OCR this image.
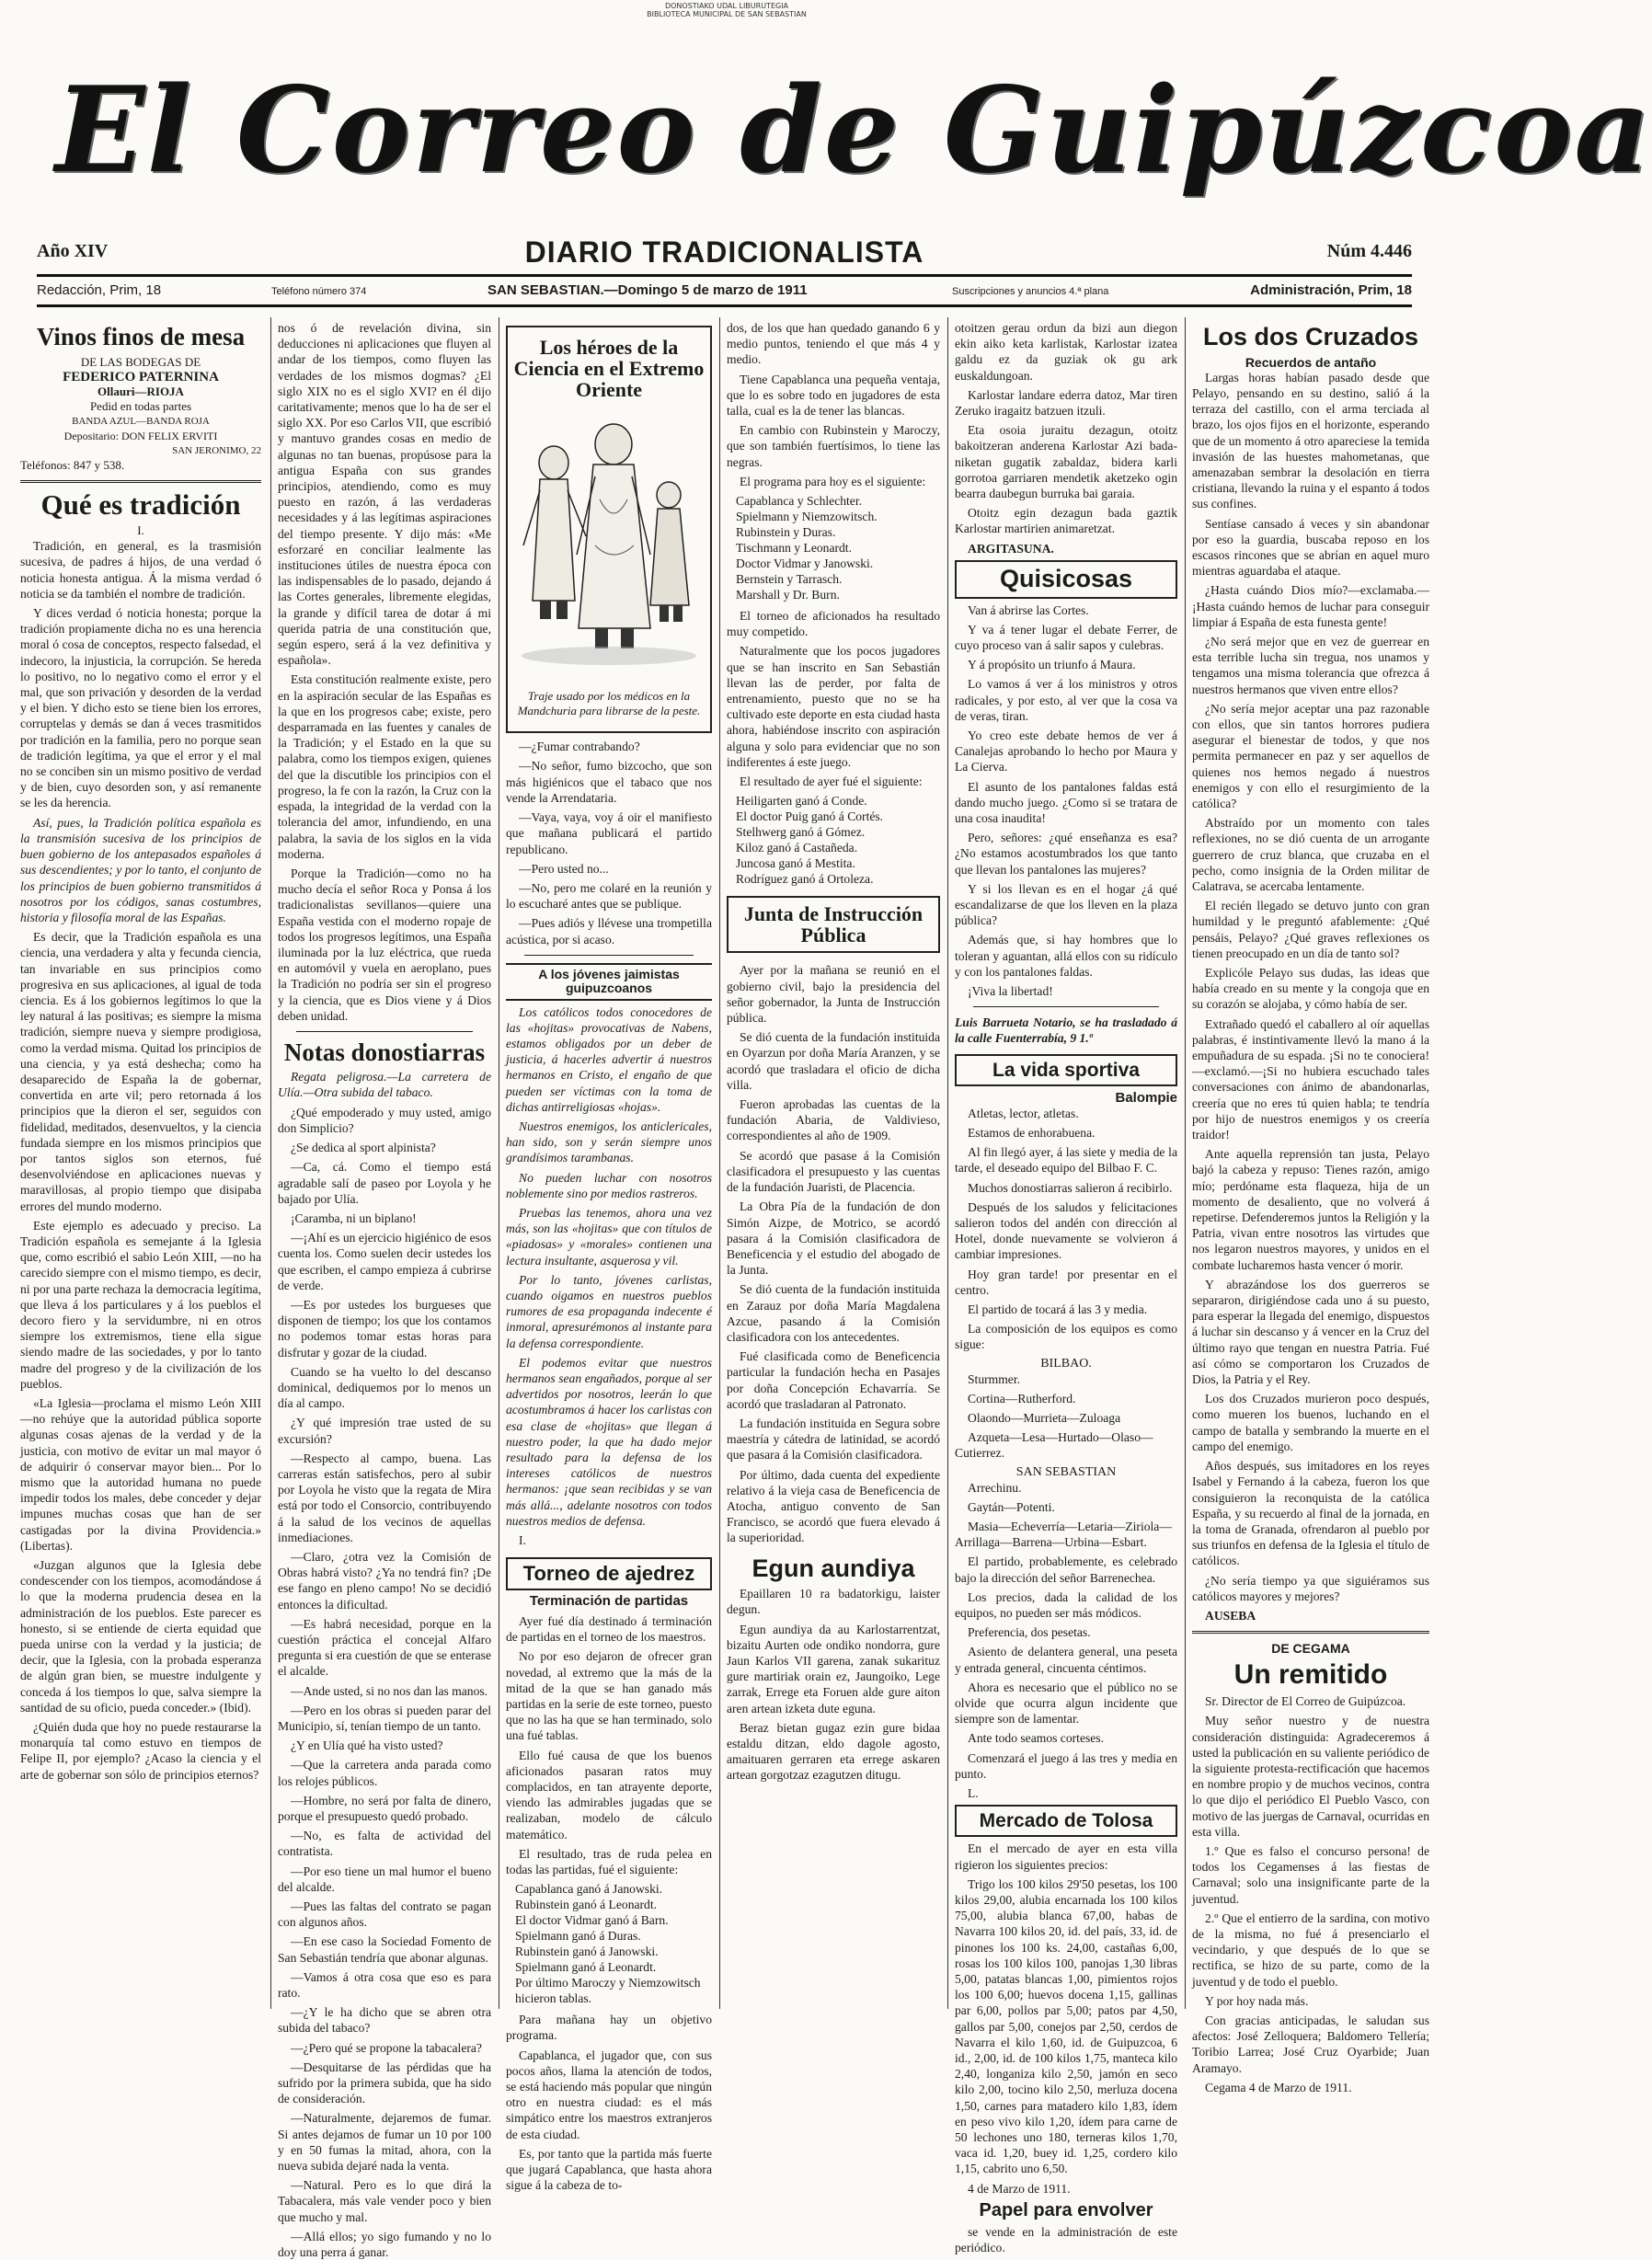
DONOSTIAKO UDAL LIBURUTEGIA
BIBLIOTECA MUNICIPAL DE SAN SEBASTIAN
El Correo de Guipúzcoa
Año XIV	DIARIO TRADICIONALISTA	Núm 4.446
Redacción, Prim, 18	Teléfono número 374	SAN SEBASTIAN.—Domingo 5 de marzo de 1911	Suscripciones y anuncios 4.ª plana	Administración, Prim, 18
Vinos finos de mesa
DE LAS BODEGAS DE
FEDERICO PATERNINA
Ollauri—RIOJA
Pedid en todas partes
BANDA AZUL—BANDA ROJA
Depositario: DON FELIX ERVITI
SAN JERONIMO, 22
Teléfonos: 847 y 538.
Qué es tradición
I.

Tradición, en general, es la trasmisión sucesiva, de padres á hijos, de una verdad ó noticia honesta antigua. Á la misma verdad ó noticia se da también el nombre de tradición.

Y dices verdad ó noticia honesta; porque la tradición propiamente dicha no es una herencia moral ó cosa de conceptos, respecto falsedad, el indecoro, la injusticia, la corrupción. Se hereda lo positivo, no lo negativo como el error y el mal, que son privación y desorden de la verdad y el bien. Y dicho esto se tiene bien los errores, corruptelas y demás se dan á veces trasmitidos por tradición en la familia, pero no porque sean de tradición legítima, ya que el error y el mal no se conciben sin un mismo positivo de verdad y de bien, cuyo desorden son, y así remanente se les da herencia.

Así, pues, la Tradición política española es la transmisión sucesiva de los principios de buen gobierno de los antepasados españoles á sus descendientes; y por lo tanto, el conjunto de los principios de buen gobierno transmitidos á nosotros por los códigos, sanas costumbres, historia y filosofía moral de las Españas.

Es decir, que la Tradición española es una ciencia, una verdadera y alta y fecunda ciencia, tan invariable en sus principios como progresiva en sus aplicaciones, al igual de toda ciencia. Es á los gobiernos legítimos lo que la ley natural á las positivas; es siempre la misma tradición, siempre nueva y siempre prodigiosa, como la verdad misma. Quitad los principios de una ciencia, y ya está deshecha; como ha desaparecido de España la de gobernar, convertida en arte vil; pero retornada á los principios que la dieron el ser, seguidos con fidelidad, meditados, desenvueltos, y la ciencia fundada siempre en los mismos principios que por tantos siglos son eternos, fué desenvolviéndose en aplicaciones nuevas y maravillosas, al propio tiempo que disipaba errores del mundo moderno.

Este ejemplo es adecuado y preciso. La Tradición española es semejante á la Iglesia que, como escribió el sabio León XIII, —no ha carecido siempre con el mismo tiempo, es decir, ni por una parte rechaza la democracia legítima, que lleva á los particulares y á los pueblos el decoro fiero y la servidumbre, ni en otros siempre los extremismos, tiene ella sigue siendo madre de las sociedades, y por lo tanto madre del progreso y de la civilización de los pueblos.

«La Iglesia—proclama el mismo León XIII—no rehúye que la autoridad pública soporte algunas cosas ajenas de la verdad y de la justicia, con motivo de evitar un mal mayor ó de adquirir ó conservar mayor bien... Por lo mismo que la autoridad humana no puede impedir todos los males, debe conceder y dejar impunes muchas cosas que han de ser castigadas por la divina Providencia.» (Libertas).

«Juzgan algunos que la Iglesia debe condescender con los tiempos, acomodándose á lo que la moderna prudencia desea en la administración de los pueblos. Este parecer es honesto, si se entiende de cierta equidad que pueda unirse con la verdad y la justicia; de decir, que la Iglesia, con la probada esperanza de algún gran bien, se muestre indulgente y conceda á los tiempos lo que, salva siempre la santidad de su oficio, pueda conceder.» (Ibid).

¿Quién duda que hoy no puede restaurarse la monarquía tal como estuvo en tiempos de Felipe II, por ejemplo? ¿Acaso la ciencia y el arte de gobernar son sólo de principios eternos?

nos ó de revelación divina, sin deducciones ni aplicaciones que fluyen al andar de los tiempos, como fluyen las verdades de los mismos dogmas? ¿El siglo XIX no es el siglo XVI? en él dijo caritativamente; menos que lo ha de ser el siglo XX. Por eso Carlos VII, que escribió y mantuvo grandes cosas en medio de algunas no tan buenas, propúsose para la antigua España con sus grandes principios, atendiendo, como es muy puesto en razón, á las verdaderas necesidades y á las legítimas aspiraciones del tiempo presente. Y dijo más: «Me esforzaré en conciliar lealmente las instituciones útiles de nuestra época con las indispensables de lo pasado, dejando á las Cortes generales, libremente elegidas, la grande y difícil tarea de dotar á mi querida patria de una constitución que, según espero, será á la vez definitiva y española».

Esta constitución realmente existe, pero en la aspiración secular de las Españas es la que en los progresos cabe; existe, pero desparramada en las fuentes y canales de la Tradición; y el Estado en la que su palabra, como los tiempos exigen, quienes del que la discutible los principios con el progreso, la fe con la razón, la Cruz con la espada, la integridad de la verdad con la tolerancia del amor, infundiendo, en una palabra, la savia de los siglos en la vida moderna.

Porque la Tradición—como no ha mucho decía el señor Roca y Ponsa á los tradicionalistas sevillanos—quiere una España vestida con el moderno ropaje de todos los progresos legítimos, una España iluminada por la luz eléctrica, que rueda en automóvil y vuela en aeroplano, pues la Tradición no podría ser sin el progreso y la ciencia, que es Dios viene y á Dios deben unidad.

Notas donostiarras

Regata peligrosa.—La carretera de Ulía.—Otra subida del tabaco.

¿Qué empoderado y muy usted, amigo don Simplicio?

¿Se dedica al sport alpinista?

—Ca, cá. Como el tiempo está agradable salí de paseo por Loyola y he bajado por Ulía.

¡Caramba, ni un biplano!

—¡Ahí es un ejercicio higiénico de esos cuenta los. Como suelen decir ustedes los que escriben, el campo empieza á cubrirse de verde.

—Es por ustedes los burgueses que disponen de tiempo; los que los contamos no podemos tomar estas horas para disfrutar y gozar de la ciudad.

Cuando se ha vuelto lo del descanso dominical, dediquemos por lo menos un día al campo.

¿Y qué impresión trae usted de su excursión?

—Respecto al campo, buena. Las carreras están satisfechos, pero al subir por Loyola he visto que la regata de Mira está por todo el Consorcio, contribuyendo á la salud de los vecinos de aquellas inmediaciones.

—Claro, ¿otra vez la Comisión de Obras habrá visto? ¿Ya no tendrá fin? ¡De ese fango en pleno campo! No se decidió entonces la dificultad.

—Es habrá necesidad, porque en la cuestión práctica el concejal Alfaro pregunta si era cuestión de que se enterase el alcalde.

—Ande usted, si no nos dan las manos.

—Pero en los obras si pueden parar del Municipio, sí, tenían tiempo de un tanto.

¿Y en Ulía qué ha visto usted?

—Que la carretera anda parada como los relojes públicos.

—Hombre, no será por falta de dinero, porque el presupuesto quedó probado.

—No, es falta de actividad del contratista.

—Por eso tiene un mal humor el bueno del alcalde.

—Pues las faltas del contrato se pagan con algunos años.

—En ese caso la Sociedad Fomento de San Sebastián tendría que abonar algunas.

—Vamos á otra cosa que eso es para rato.

—¿Y le ha dicho que se abren otra subida del tabaco?

—¿Pero qué se propone la tabacalera?

—Desquitarse de las pérdidas que ha sufrido por la primera subida, que ha sido de consideración.

—Naturalmente, dejaremos de fumar. Si antes dejamos de fumar un 10 por 100 y en 50 fumas la mitad, ahora, con la nueva subida dejaré nada la venta.

—Natural. Pero es lo que dirá la Tabacalera, más vale vender poco y bien que mucho y mal.

—Allá ellos; yo sigo fumando y no lo doy una perra á ganar.

Los héroes de la Ciencia en el Extremo Oriente
Traje usado por los médicos en la Mandchuria para librarse de la peste.

—¿Fumar contrabando?

—No señor, fumo bizcocho, que son más higiénicos que el tabaco que nos vende la Arrendataria.

—Vaya, vaya, voy á oir el manifiesto que mañana publicará el partido republicano.

—Pero usted no...

—No, pero me colaré en la reunión y lo escucharé antes que se publique.

—Pues adiós y llévese una trompetilla acústica, por si acaso.

A los jóvenes jaimistas guipuzcoanos

Los católicos todos conocedores de las «hojitas» provocativas de Nabens, estamos obligados por un deber de justicia, á hacerles advertir á nuestros hermanos en Cristo, el engaño de que pueden ser víctimas con la toma de dichas antirreligiosas «hojas».

Nuestros enemigos, los anticlericales, han sido, son y serán siempre unos grandísimos tarambanas.

No pueden luchar con nosotros noblemente sino por medios rastreros.

Pruebas las tenemos, ahora una vez más, son las «hojitas» que con títulos de «piadosas» y «morales» contienen una lectura insultante, asquerosa y vil.

Por lo tanto, jóvenes carlistas, cuando oigamos en nuestros pueblos rumores de esa propaganda indecente é inmoral, apresurémonos al instante para la defensa correspondiente.

El podemos evitar que nuestros hermanos sean engañados, porque al ser advertidos por nosotros, leerán lo que acostumbramos á hacer los carlistas con esa clase de «hojitas» que llegan á nuestro poder, la que ha dado mejor resultado para la defensa de los intereses católicos de nuestros hermanos: ¡que sean recibidas y se van más allá..., adelante nosotros con todos nuestros medios de defensa.

I.

Torneo de ajedrez
Terminación de partidas

Ayer fué día destinado á terminación de partidas en el torneo de los maestros.

No por eso dejaron de ofrecer gran novedad, al extremo que la más de la mitad de la que se han ganado más partidas en la serie de este torneo, puesto que no las ha que se han terminado, solo una fué tablas.

Ello fué causa de que los buenos aficionados pasaran ratos muy complacidos, en tan atrayente deporte, viendo las admirables jugadas que se realizaban, modelo de cálculo matemático.

El resultado, tras de ruda pelea en todas las partidas, fué el siguiente:

Capablanca ganó á Janowski.
Rubinstein ganó á Leonardt.
El doctor Vidmar ganó á Barn.
Spielmann ganó á Duras.
Rubinstein ganó á Janowski.
Spielmann ganó á Leonardt.
Por último Maroczy y Niemzowitsch hicieron tablas.

Para mañana hay un objetivo programa.

Capablanca, el jugador que, con sus pocos años, llama la atención de todos, se está haciendo más popular que ningún otro en nuestra ciudad: es el más simpático entre los maestros extranjeros de esta ciudad.

Es, por tanto que la partida más fuerte que jugará Capablanca, que hasta ahora sigue á la cabeza de to-

dos, de los que han quedado ganando 6 y medio puntos, teniendo el que más 4 y medio.

Tiene Capablanca una pequeña ventaja, que lo es sobre todo en jugadores de esta talla, cual es la de tener las blancas.

En cambio con Rubinstein y Maroczy, que son también fuertísimos, lo tiene las negras.

El programa para hoy es el siguiente:

Capablanca y Schlechter.
Spielmann y Niemzowitsch.
Rubinstein y Duras.
Tischmann y Leonardt.
Doctor Vidmar y Janowski.
Bernstein y Tarrasch.
Marshall y Dr. Burn.

El torneo de aficionados ha resultado muy competido.

Naturalmente que los pocos jugadores que se han inscrito en San Sebastián llevan las de perder, por falta de entrenamiento, puesto que no se ha cultivado este deporte en esta ciudad hasta ahora, habiéndose inscrito con aspiración alguna y solo para evidenciar que no son indiferentes á este juego.

El resultado de ayer fué el siguiente:

Heiligarten ganó á Conde.
El doctor Puig ganó á Cortés.
Stelhwerg ganó á Gómez.
Kiloz ganó á Castañeda.
Juncosa ganó á Mestita.
Rodríguez ganó á Ortoleza.
Junta de Instrucción Pública

Ayer por la mañana se reunió en el gobierno civil, bajo la presidencia del señor gobernador, la Junta de Instrucción pública.

Se dió cuenta de la fundación instituida en Oyarzun por doña María Aranzen, y se acordó que trasladara el oficio de dicha villa.

Fueron aprobadas las cuentas de la fundación Abaria, de Valdivieso, correspondientes al año de 1909.

Se acordó que pasase á la Comisión clasificadora el presupuesto y las cuentas de la fundación Juaristi, de Placencia.

La Obra Pía de la fundación de don Simón Aizpe, de Motrico, se acordó pasara á la Comisión clasificadora de Beneficencia y el estudio del abogado de la Junta.

Se dió cuenta de la fundación instituida en Zarauz por doña María Magdalena Azcue, pasando á la Comisión clasificadora con los antecedentes.

Fué clasificada como de Beneficencia particular la fundación hecha en Pasajes por doña Concepción Echavarría. Se acordó que trasladaran al Patronato.

La fundación instituida en Segura sobre maestría y cátedra de latinidad, se acordó que pasara á la Comisión clasificadora.

Por último, dada cuenta del expediente relativo á la vieja casa de Beneficencia de Atocha, antiguo convento de San Francisco, se acordó que fuera elevado á la superioridad.

Egun aundiya

Epaillaren 10 ra badatorkigu, laister degun.

Egun aundiya da au Karlostarrentzat, bizaitu Aurten ode ondiko nondorra, gure Jaun Karlos VII garena, zanak sukarituz gure martiriak orain ez, Jaungoiko, Lege zarrak, Errege eta Foruen alde gure aiton aren artean izketa dute eguna.

Beraz bietan gugaz ezin gure bidaa estaldu ditzan, eldo dagole agosto, amaituaren gerraren eta errege askaren artean gorgotzaz ezagutzen ditugu.

otoitzen gerau ordun da bizi aun diegon ekin aiko keta karlistak, Karlostar izatea galdu ez da guziak ok gu ark euskaldungoan.

Karlostar landare ederra datoz, Mar tiren Zeruko iragaitz batzuen itzuli.

Eta osoia juraitu dezagun, otoitz bakoitzeran anderena Karlostar Azi bada-niketan gugatik zabaldaz, bidera karli gorrotoa garriaren mendetik aketzeko ogin bearra daubegun burruka bai garaia.

Otoitz egin dezagun bada gaztik Karlostar martirien animaretzat.

ARGITASUNA.

Quisicosas

Van á abrirse las Cortes.

Y va á tener lugar el debate Ferrer, de cuyo proceso van á salir sapos y culebras.

Y á propósito un triunfo á Maura.

Lo vamos á ver á los ministros y otros radicales, y por esto, al ver que la cosa va de veras, tiran.

Yo creo este debate hemos de ver á Canalejas aprobando lo hecho por Maura y La Cierva.

El asunto de los pantalones faldas está dando mucho juego. ¿Como si se tratara de una cosa inaudita!

Pero, señores: ¿qué enseñanza es esa? ¿No estamos acostumbrados los que tanto que llevan los pantalones las mujeres?

Y si los llevan es en el hogar ¿á qué escandalizarse de que los lleven en la plaza pública?

Además que, si hay hombres que lo toleran y aguantan, allá ellos con su ridículo y con los pantalones faldas.

¡Viva la libertad!

Luis Barrueta Notario, se ha trasladado á la calle Fuenterrabía, 9 1.º

La vida sportiva
Balompie

Atletas, lector, atletas.

Estamos de enhorabuena.

Al fin llegó ayer, á las siete y media de la tarde, el deseado equipo del Bilbao F. C.

Muchos donostiarras salieron á recibirlo.

Después de los saludos y felicitaciones salieron todos del andén con dirección al Hotel, donde nuevamente se volvieron á cambiar impresiones.

Hoy gran tarde! por presentar en el centro.

El partido de tocará á las 3 y media.

La composición de los equipos es como sigue:

BILBAO.

Sturmmer.

Cortina—Rutherford.

Olaondo—Murrieta—Zuloaga

Azqueta—Lesa—Hurtado—Olaso—Cutierrez.

SAN SEBASTIAN

Arrechinu.

Gaytán—Potenti.

Masia—Echeverría—Letaria—Ziriola—Arrillaga—Barrena—Urbina—Esbart.

El partido, probablemente, es celebrado bajo la dirección del señor Barrenechea.

Los precios, dada la calidad de los equipos, no pueden ser más módicos.

Preferencia, dos pesetas.

Asiento de delantera general, una peseta y entrada general, cincuenta céntimos.

Ahora es necesario que el público no se olvide que ocurra algun incidente que siempre son de lamentar.

Ante todo seamos corteses.

Comenzará el juego á las tres y media en punto.

L.

Mercado de Tolosa

En el mercado de ayer en esta villa rigieron los siguientes precios:

Trigo los 100 kilos 29'50 pesetas, los 100 kilos 29,00, alubia encarnada los 100 kilos 75,00, alubia blanca 67,00, habas de Navarra 100 kilos 20, id. del país, 33, id. de pinones los 100 ks. 24,00, castañas 6,00, rosas los 100 kilos 100, panojas 1,30 libras 5,00, patatas blancas 1,00, pimientos rojos los 100 6,00; huevos docena 1,15, gallinas par 6,00, pollos par 5,00; patos par 4,50, gallos par 5,00, conejos par 2,50, cerdos de Navarra el kilo 1,60, id. de Guipuzcoa, 6 id., 2,00, id. de 100 kilos 1,75, manteca kilo 2,40, longaniza kilo 2,50, jamón en seco kilo 2,00, tocino kilo 2,50, merluza docena 1,50, carnes para matadero kilo 1,83, ídem en peso vivo kilo 1,20, ídem para carne de 50 lechones uno 180, terneras kilos 1,70, vaca id. 1,20, buey id. 1,25, cordero kilo 1,15, cabrito uno 6,50.

4 de Marzo de 1911.

Papel para envolver

se vende en la administración de este periódico.

Los dos Cruzados
Recuerdos de antaño

Largas horas habían pasado desde que Pelayo, pensando en su destino, salió á la terraza del castillo, con el arma terciada al brazo, los ojos fijos en el horizonte, esperando que de un momento á otro apareciese la temida invasión de las huestes mahometanas, que amenazaban sembrar la desolación en tierra cristiana, llevando la ruina y el espanto á todos sus confines.

Sentíase cansado á veces y sin abandonar por eso la guardia, buscaba reposo en los escasos rincones que se abrían en aquel muro mientras aguardaba el ataque.

¿Hasta cuándo Dios mío?—exclamaba.—¡Hasta cuándo hemos de luchar para conseguir limpiar á España de esta funesta gente!

¿No será mejor que en vez de guerrear en esta terrible lucha sin tregua, nos unamos y tengamos una misma tolerancia que ofrezca á nuestros hermanos que viven entre ellos?

¿No sería mejor aceptar una paz razonable con ellos, que sin tantos horrores pudiera asegurar el bienestar de todos, y que nos permita permanecer en paz y ser aquellos de quienes nos hemos negado á nuestros enemigos y con ello el resurgimiento de la católica?

Abstraído por un momento con tales reflexiones, no se dió cuenta de un arrogante guerrero de cruz blanca, que cruzaba en el pecho, como insignia de la Orden militar de Calatrava, se acercaba lentamente.

El recién llegado se detuvo junto con gran humildad y le preguntó afablemente: ¿Qué pensáis, Pelayo? ¿Qué graves reflexiones os tienen preocupado en un día de tanto sol?

Explicóle Pelayo sus dudas, las ideas que había creado en su mente y la congoja que en su corazón se alojaba, y cómo había de ser.

Extrañado quedó el caballero al oír aquellas palabras, é instintivamente llevó la mano á la empuñadura de su espada. ¡Si no te conociera!—exclamó.—¡Si no hubiera escuchado tales conversaciones con ánimo de abandonarlas, creería que no eres tú quien habla; te tendría por hijo de nuestros enemigos y os creería traidor!

Ante aquella reprensión tan justa, Pelayo bajó la cabeza y repuso: Tienes razón, amigo mío; perdóname esta flaqueza, hija de un momento de desaliento, que no volverá á repetirse. Defenderemos juntos la Religión y la Patria, vivan entre nosotros las virtudes que nos legaron nuestros mayores, y unidos en el combate lucharemos hasta vencer ó morir.

Y abrazándose los dos guerreros se separaron, dirigiéndose cada uno á su puesto, para esperar la llegada del enemigo, dispuestos á luchar sin descanso y á vencer en la Cruz del último rayo que tengan en nuestra Patria. Fué así cómo se comportaron los Cruzados de Dios, la Patria y el Rey.

Los dos Cruzados murieron poco después, como mueren los buenos, luchando en el campo de batalla y sembrando la muerte en el campo del enemigo.

Años después, sus imitadores en los reyes Isabel y Fernando á la cabeza, fueron los que consiguieron la reconquista de la católica España, y su recuerdo al final de la jornada, en la toma de Granada, ofrendaron al pueblo por sus triunfos en defensa de la Iglesia el título de católicos.

¿No sería tiempo ya que siguiéramos sus católicos mayores y mejores?

AUSEBA

DE CEGAMA
Un remitido

Sr. Director de El Correo de Guipúzcoa.

Muy señor nuestro y de nuestra consideración distinguida: Agradeceremos á usted la publicación en su valiente periódico de la siguiente protesta-rectificación que hacemos en nombre propio y de muchos vecinos, contra lo que dijo el periódico El Pueblo Vasco, con motivo de las juergas de Carnaval, ocurridas en esta villa.

1.º Que es falso el concurso persona! de todos los Cegamenses á las fiestas de Carnaval; solo una insignificante parte de la juventud.

2.º Que el entierro de la sardina, con motivo de la misma, no fué á presenciarlo el vecindario, y que después de lo que se rectifica, se hizo de su parte, como de la juventud y de todo el pueblo.

Y por hoy nada más.

Con gracias anticipadas, le saludan sus afectos: José Zelloquera; Baldomero Tellería; Toribio Larrea; José Cruz Oyarbide; Juan Aramayo.

Cegama 4 de Marzo de 1911.
